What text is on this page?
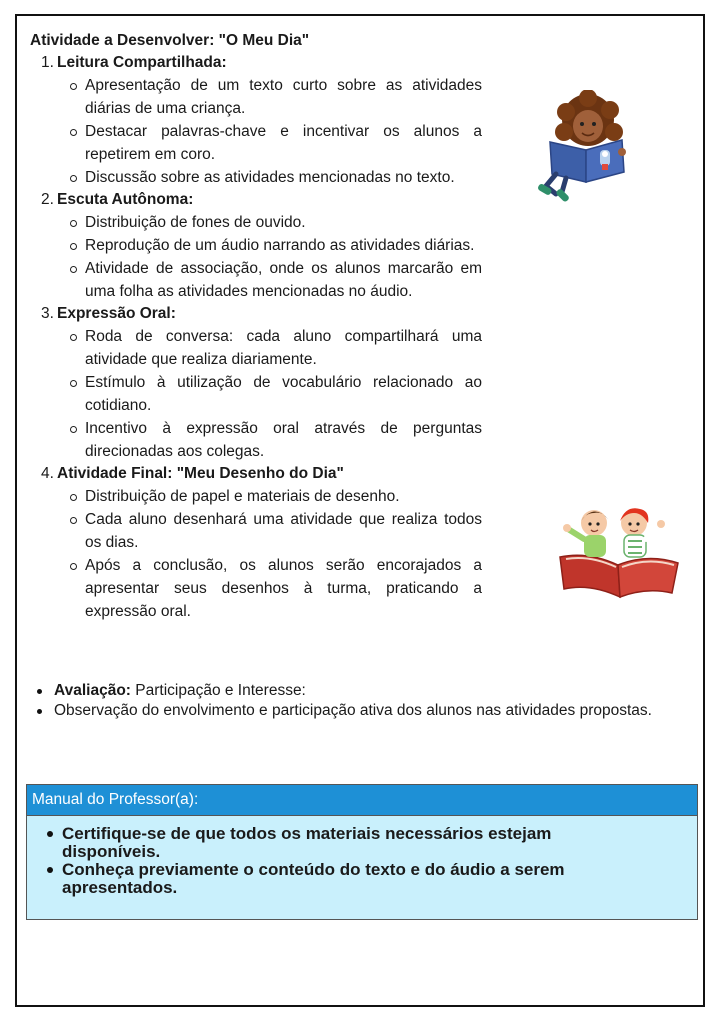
Atividade a Desenvolver: "O Meu Dia"
1. Leitura Compartilhada:
Apresentação de um texto curto sobre as atividades diárias de uma criança.
Destacar palavras-chave e incentivar os alunos a repetirem em coro.
Discussão sobre as atividades mencionadas no texto.
2. Escuta Autônoma:
Distribuição de fones de ouvido.
Reprodução de um áudio narrando as atividades diárias.
Atividade de associação, onde os alunos marcarão em uma folha as atividades mencionadas no áudio.
3. Expressão Oral:
Roda de conversa: cada aluno compartilhará uma atividade que realiza diariamente.
Estímulo à utilização de vocabulário relacionado ao cotidiano.
Incentivo à expressão oral através de perguntas direcionadas aos colegas.
4. Atividade Final: "Meu Desenho do Dia"
Distribuição de papel e materiais de desenho.
Cada aluno desenhará uma atividade que realiza todos os dias.
Após a conclusão, os alunos serão encorajados a apresentar seus desenhos à turma, praticando a expressão oral.
Avaliação: Participação e Interesse:
Observação do envolvimento e participação ativa dos alunos nas atividades propostas.
Manual do Professor(a):
Certifique-se de que todos os materiais necessários estejam disponíveis.
Conheça previamente o conteúdo do texto e do áudio a serem apresentados.
